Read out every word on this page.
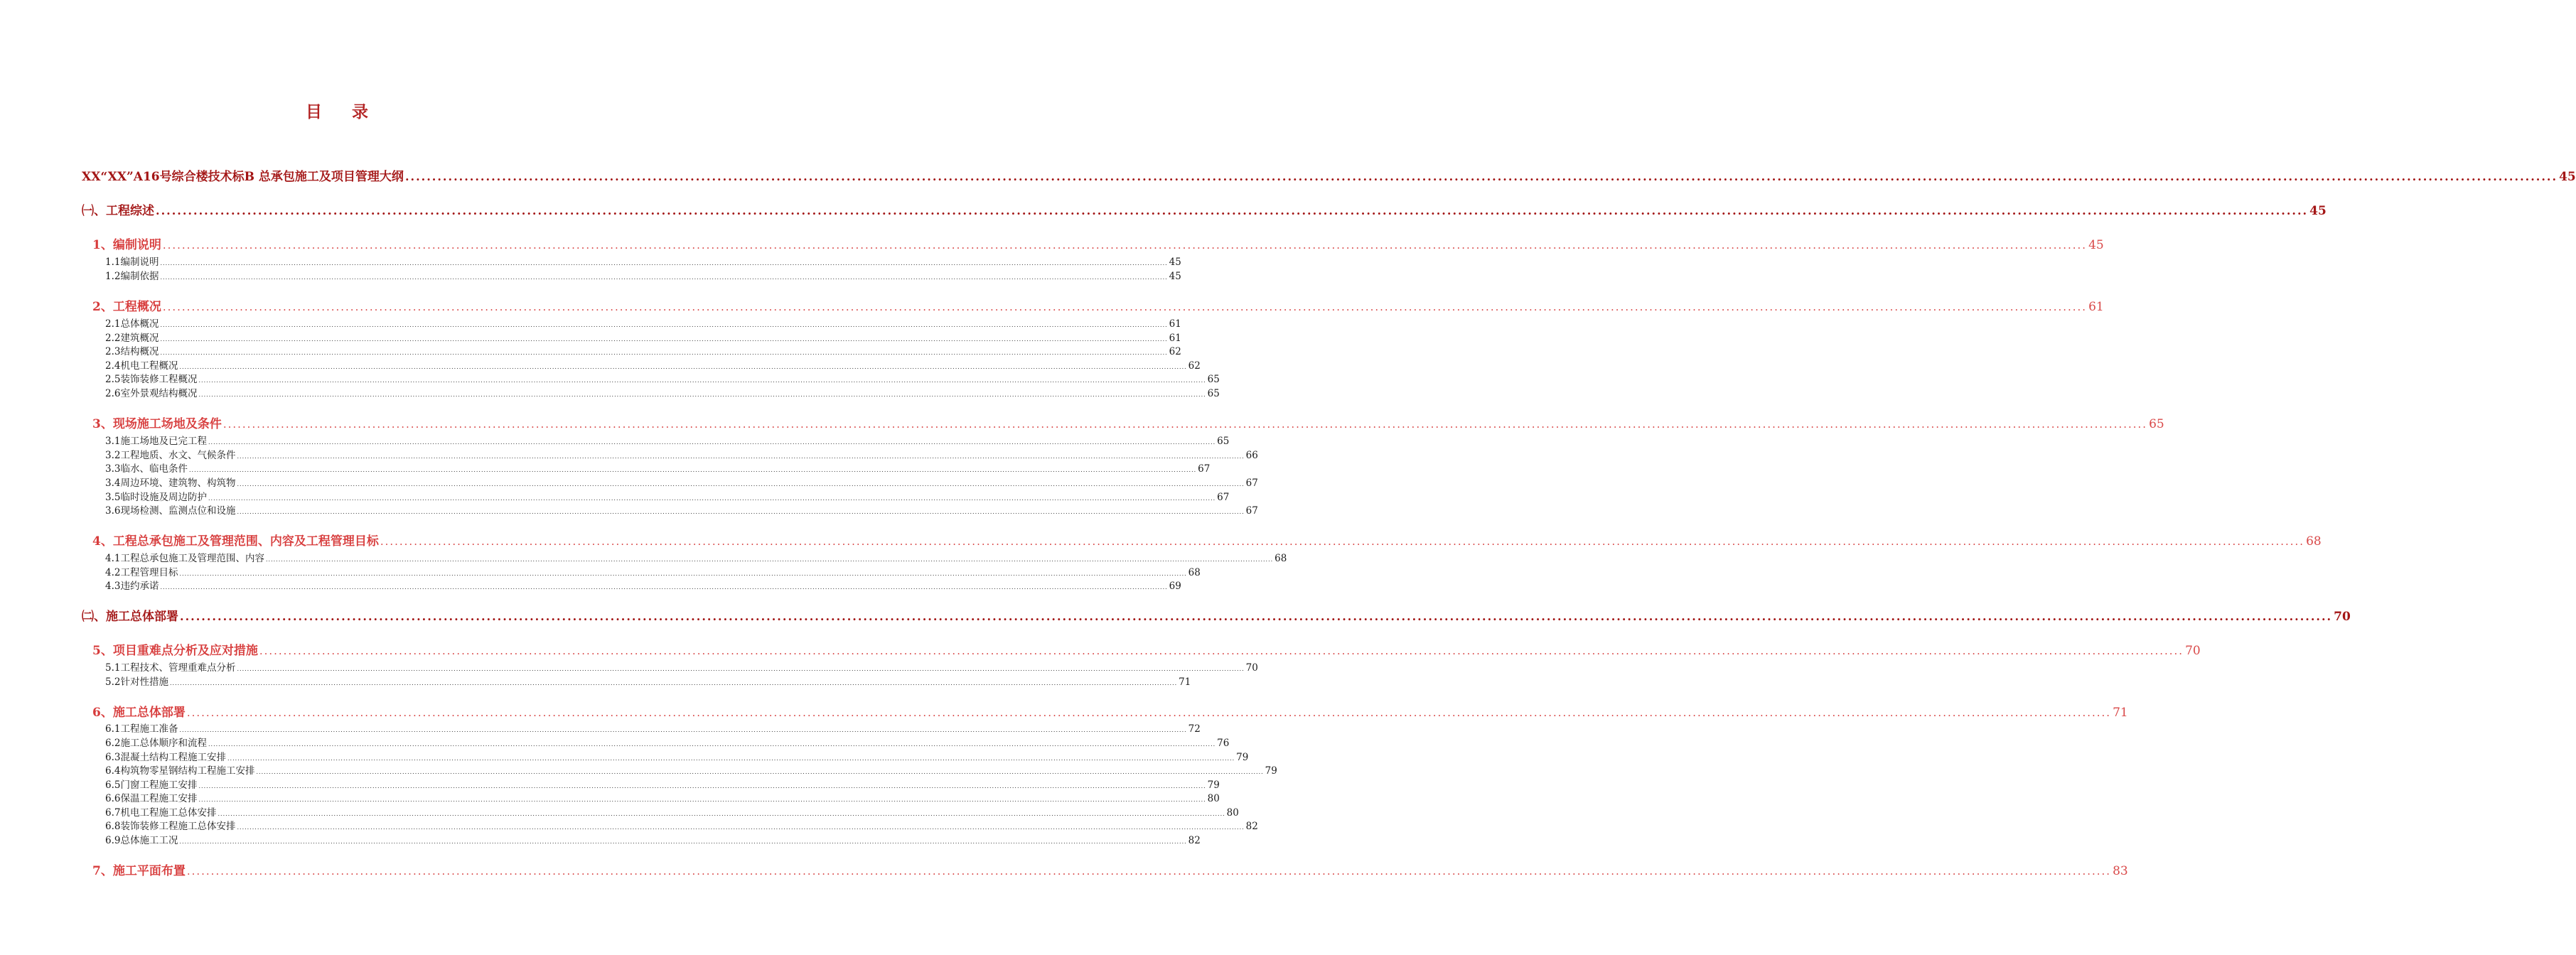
目 录
XX“XX”A16号综合楼技术标B 总承包施工及项目管理大纲 ................................................................................................................................................................................................................................................................................................................................................................................................................ 45
㈠、工程综述 ................................................................................................................................................................................................................................................................................................................................................................................................................ 45
1、编制说明 ................................................................................................................................................................................................................................................................................................................................................................................................................ 45
1.1编制说明 ................................................................................................................................................................................................................................................................................................................................................................................................................ 45
1.2编制依据 ................................................................................................................................................................................................................................................................................................................................................................................................................ 45
2、工程概况 ................................................................................................................................................................................................................................................................................................................................................................................................................ 61
2.1总体概况 ................................................................................................................................................................................................................................................................................................................................................................................................................ 61
2.2建筑概况 ................................................................................................................................................................................................................................................................................................................................................................................................................ 61
2.3结构概况 ................................................................................................................................................................................................................................................................................................................................................................................................................ 62
2.4机电工程概况 ................................................................................................................................................................................................................................................................................................................................................................................................................ 62
2.5装饰装修工程概况 ................................................................................................................................................................................................................................................................................................................................................................................................................ 65
2.6室外景观结构概况 ................................................................................................................................................................................................................................................................................................................................................................................................................ 65
3、现场施工场地及条件 ................................................................................................................................................................................................................................................................................................................................................................................................................ 65
3.1施工场地及已完工程 ................................................................................................................................................................................................................................................................................................................................................................................................................ 65
3.2工程地质、水文、气候条件 ................................................................................................................................................................................................................................................................................................................................................................................................................ 66
3.3临水、临电条件 ................................................................................................................................................................................................................................................................................................................................................................................................................ 67
3.4周边环境、建筑物、构筑物 ................................................................................................................................................................................................................................................................................................................................................................................................................ 67
3.5临时设施及周边防护 ................................................................................................................................................................................................................................................................................................................................................................................................................ 67
3.6现场检测、监测点位和设施 ................................................................................................................................................................................................................................................................................................................................................................................................................ 67
4、工程总承包施工及管理范围、内容及工程管理目标 ................................................................................................................................................................................................................................................................................................................................................................................................................ 68
4.1工程总承包施工及管理范围、内容 ................................................................................................................................................................................................................................................................................................................................................................................................................ 68
4.2工程管理目标 ................................................................................................................................................................................................................................................................................................................................................................................................................ 68
4.3违约承诺 ................................................................................................................................................................................................................................................................................................................................................................................................................ 69
㈡、施工总体部署 ................................................................................................................................................................................................................................................................................................................................................................................................................ 70
5、项目重难点分析及应对措施 ................................................................................................................................................................................................................................................................................................................................................................................................................ 70
5.1工程技术、管理重难点分析 ................................................................................................................................................................................................................................................................................................................................................................................................................ 70
5.2针对性措施 ................................................................................................................................................................................................................................................................................................................................................................................................................ 71
6、施工总体部署 ................................................................................................................................................................................................................................................................................................................................................................................................................ 71
6.1工程施工准备 ................................................................................................................................................................................................................................................................................................................................................................................................................ 72
6.2施工总体顺序和流程 ................................................................................................................................................................................................................................................................................................................................................................................................................ 76
6.3混凝土结构工程施工安排 ................................................................................................................................................................................................................................................................................................................................................................................................................ 79
6.4构筑物零星钢结构工程施工安排 ................................................................................................................................................................................................................................................................................................................................................................................................................ 79
6.5门窗工程施工安排 ................................................................................................................................................................................................................................................................................................................................................................................................................ 79
6.6保温工程施工安排 ................................................................................................................................................................................................................................................................................................................................................................................................................ 80
6.7机电工程施工总体安排 ................................................................................................................................................................................................................................................................................................................................................................................................................ 80
6.8装饰装修工程施工总体安排 ................................................................................................................................................................................................................................................................................................................................................................................................................ 82
6.9总体施工工况 ................................................................................................................................................................................................................................................................................................................................................................................................................ 82
7、施工平面布置 ................................................................................................................................................................................................................................................................................................................................................................................................................ 83
